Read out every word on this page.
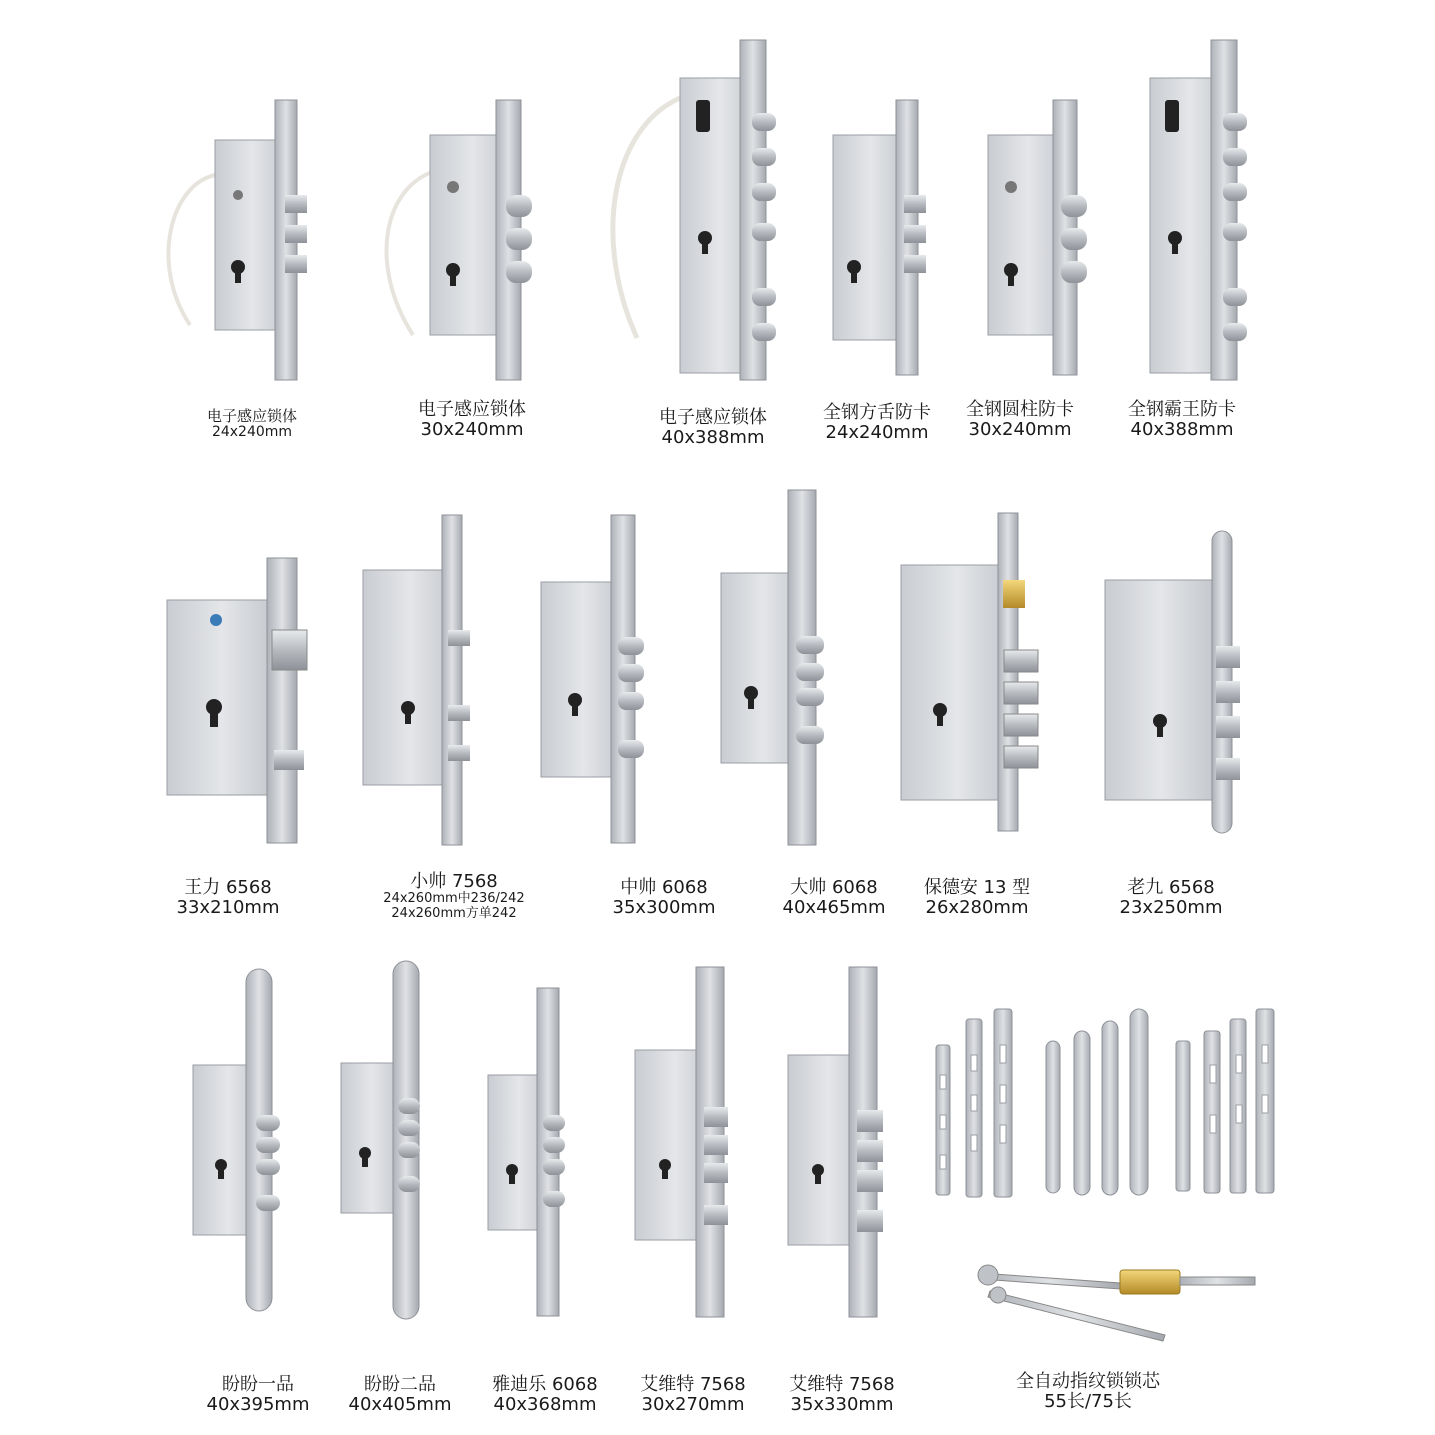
电子感应锁体
24x240mm
电子感应锁体
30x240mm
电子感应锁体
40x388mm
全钢方舌防卡
24x240mm
全钢圆柱防卡
30x240mm
全钢霸王防卡
40x388mm
王力 6568
33x210mm
小帅 7568
24x260mm中236/242
24x260mm方单242
中帅 6068
35x300mm
大帅 6068
40x465mm
保德安 13 型
26x280mm
老九 6568
23x250mm
盼盼一品
40x395mm
盼盼二品
40x405mm
雅迪乐 6068
40x368mm
艾维特 7568
30x270mm
艾维特 7568
35x330mm
全自动指纹锁锁芯
55长/75长
